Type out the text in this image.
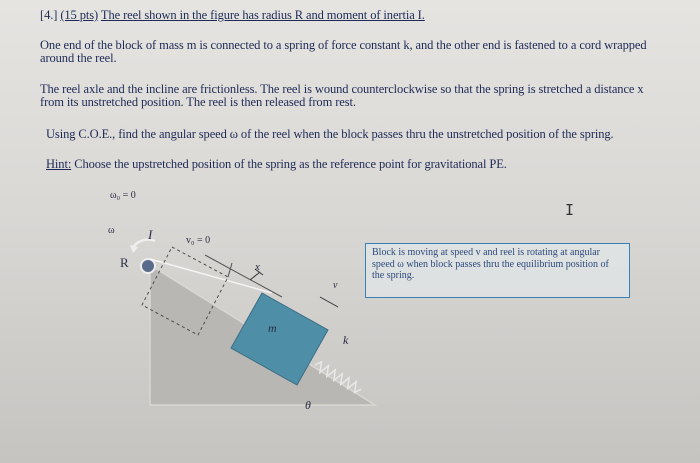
[4.] (15 pts) The reel shown in the figure has radius R and moment of inertia I.
One end of the block of mass m is connected to a spring of force constant k, and the other end is fastened to a cord wrapped around the reel.
The reel axle and the incline are frictionless. The reel is wound counterclockwise so that the spring is stretched a distance x from its unstretched position. The reel is then released from rest.
Using C.O.E., find the angular speed ω of the reel when the block passes thru the unstretched position of the spring.
Hint: Choose the upstretched position of the spring as the reference point for gravitational PE.
ω₀ = 0
ω	I
R
v₀ = 0
x
m
v
k
θ
Block is moving at speed v and reel is rotating at angular speed ω when block passes thru the equilibrium position of the spring.
I
